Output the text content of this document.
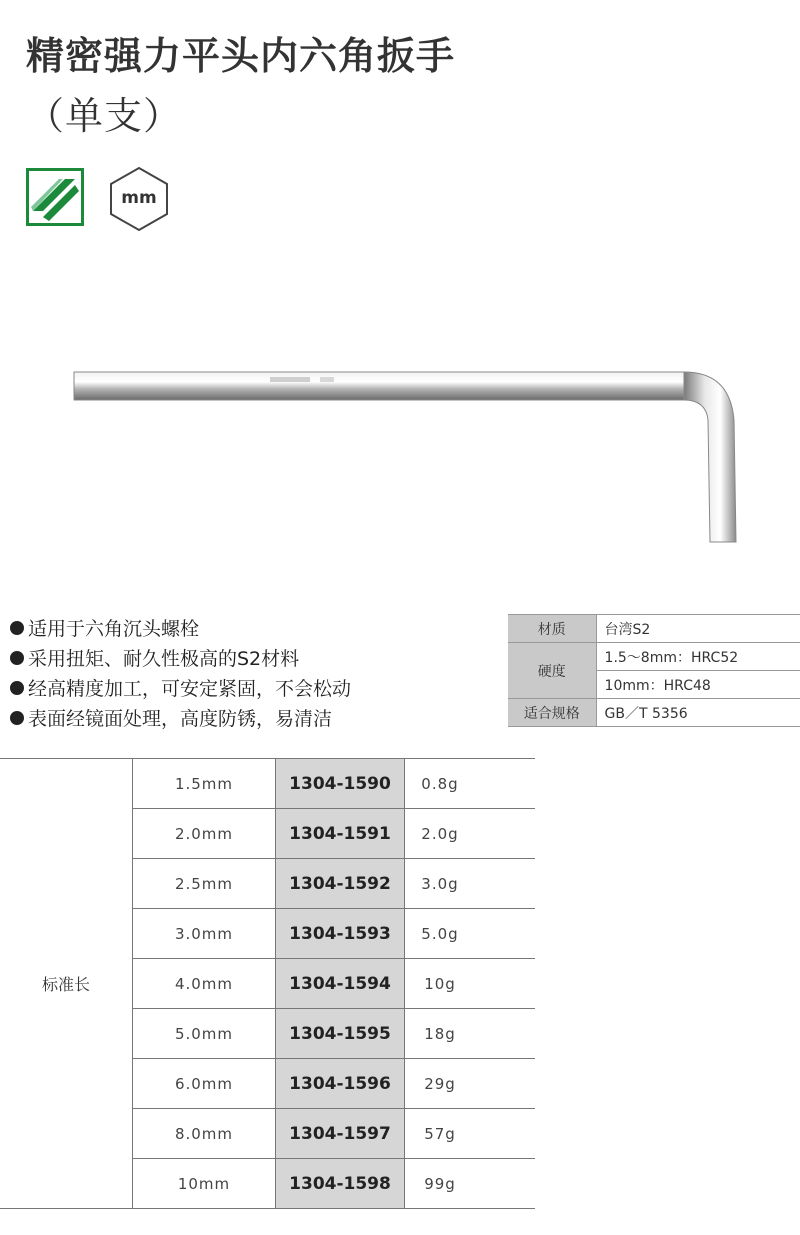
精密强力平头内六角扳手
（单支）
mm
适用于六角沉头螺栓
采用扭矩、耐久性极高的S2材料
经高精度加工，可安定紧固，不会松动
表面经镜面处理，高度防锈，易清洁
材质	台湾S2
硬度	1.5～8mm：HRC52
	10mm：HRC48
适合规格	GB／T 5356
标准长	1.5mm	1304-1590	0.8g	
	2.0mm	1304-1591	2.0g	
	2.5mm	1304-1592	3.0g	
	3.0mm	1304-1593	5.0g	
	4.0mm	1304-1594	10g	
	5.0mm	1304-1595	18g	
	6.0mm	1304-1596	29g	
	8.0mm	1304-1597	57g	
	10mm	1304-1598	99g	
